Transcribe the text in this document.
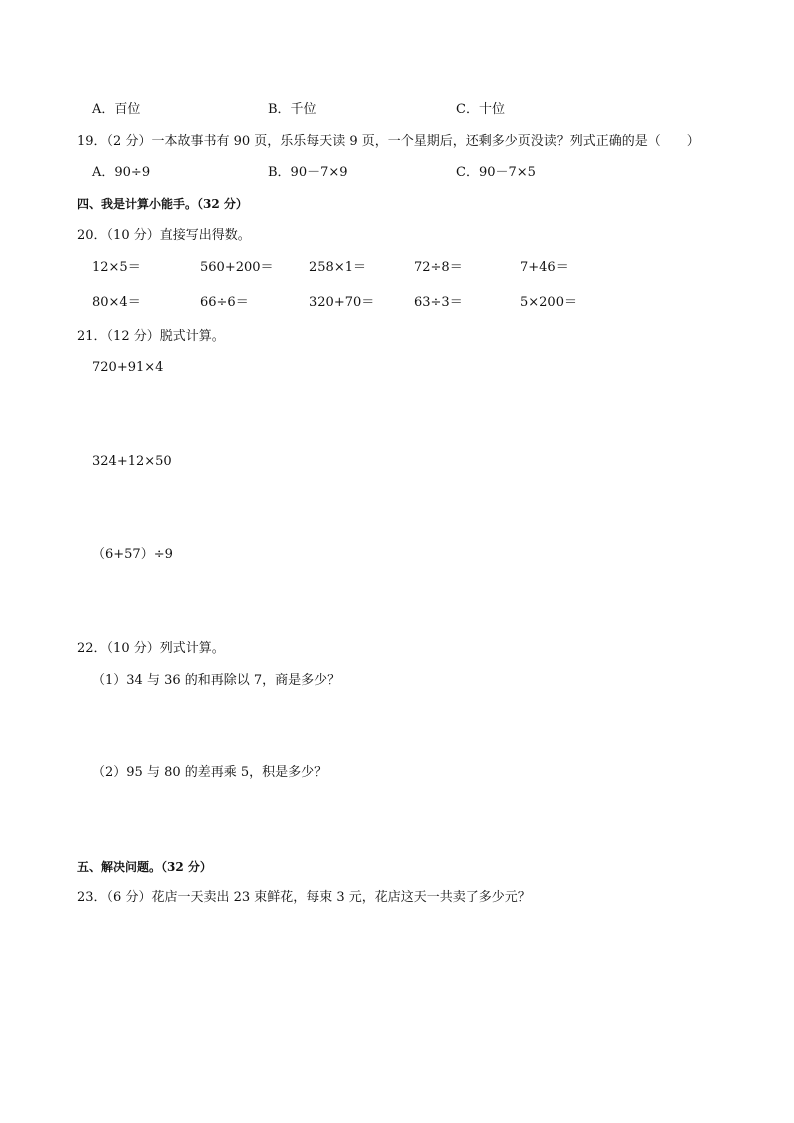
A．百位	B．千位	C．十位
19．（2 分）一本故事书有 90 页，乐乐每天读 9 页，一个星期后，还剩多少页没读？列式正确的是（　　）
A．90÷9	B．90－7×9	C．90－7×5
四、我是计算小能手。（32 分）
20．（10 分）直接写出得数。
12×5＝	560+200＝	258×1＝	72÷8＝	7+46＝
80×4＝	66÷6＝	320+70＝	63÷3＝	5×200＝
21．（12 分）脱式计算。
720+91×4
324+12×50
（6+57）÷9
22．（10 分）列式计算。
（1）34 与 36 的和再除以 7，商是多少？
（2）95 与 80 的差再乘 5，积是多少？
五、解决问题。（32 分）
23．（6 分）花店一天卖出 23 束鲜花，每束 3 元，花店这天一共卖了多少元？
